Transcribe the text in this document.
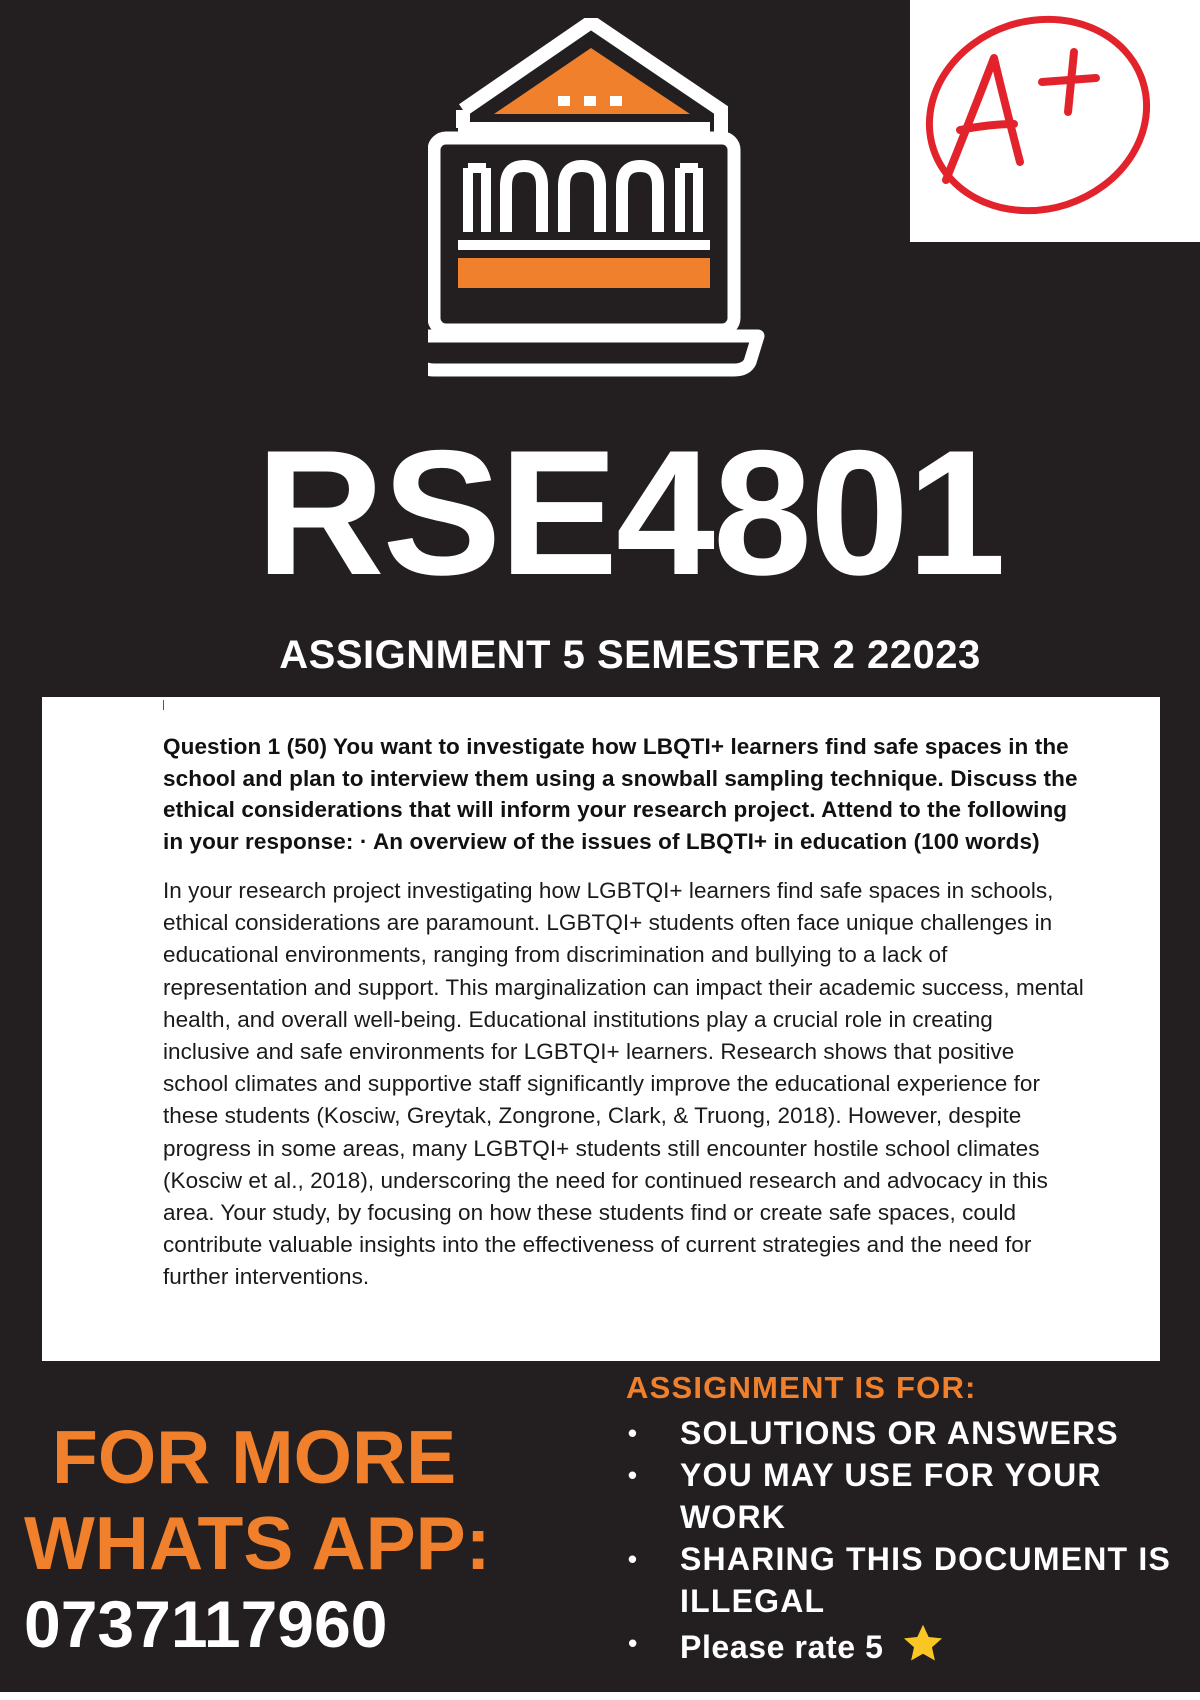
A+
RSE4801
ASSIGNMENT 5 SEMESTER 2 22023

Question 1 (50) You want to investigate how LBQTI+ learners find safe spaces in the school and plan to interview them using a snowball sampling technique. Discuss the ethical considerations that will inform your research project. Attend to the following in your response: · An overview of the issues of LBQTI+ in education (100 words)

In your research project investigating how LGBTQI+ learners find safe spaces in schools, ethical considerations are paramount. LGBTQI+ students often face unique challenges in educational environments, ranging from discrimination and bullying to a lack of representation and support. This marginalization can impact their academic success, mental health, and overall well-being. Educational institutions play a crucial role in creating inclusive and safe environments for LGBTQI+ learners. Research shows that positive school climates and supportive staff significantly improve the educational experience for these students (Kosciw, Greytak, Zongrone, Clark, & Truong, 2018). However, despite progress in some areas, many LGBTQI+ students still encounter hostile school climates (Kosciw et al., 2018), underscoring the need for continued research and advocacy in this area. Your study, by focusing on how these students find or create safe spaces, could contribute valuable insights into the effectiveness of current strategies and the need for further interventions.

FOR MORE
WHATS APP:
0737117960
ASSIGNMENT IS FOR:
• SOLUTIONS OR ANSWERS
• YOU MAY USE FOR YOUR WORK
• SHARING THIS DOCUMENT IS ILLEGAL
• Please rate 5
